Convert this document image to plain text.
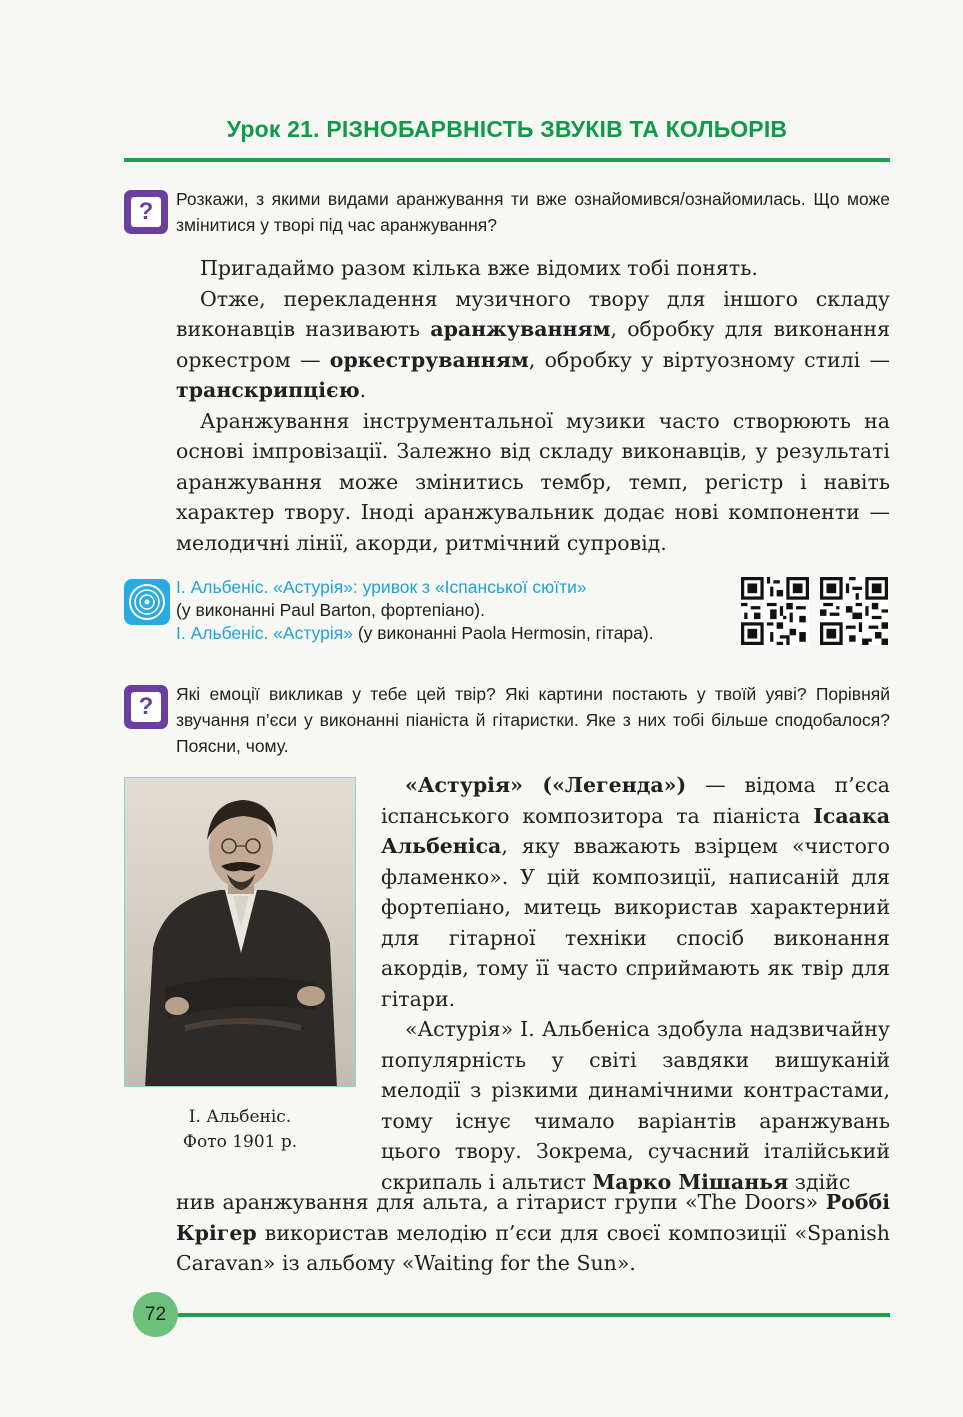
Урок 21. РІЗНОБАРВНІСТЬ ЗВУКІВ ТА КОЛЬОРІВ
?	Розкажи, з якими видами аранжування ти вже ознайомився/ознайомилась. Що може змінитися у творі під час аранжування?

Пригадаймо разом кілька вже відомих тобі понять.

Отже, перекладення музичного твору для іншого складу виконавців називають аранжуванням, обробку для виконання оркестром — оркеструванням, обробку у віртуозному стилі — транскрипцією.

Аранжування інструментальної музики часто створюють на основі імпровізації. Залежно від складу виконавців, у результаті аранжування може змінитись тембр, темп, регістр і навіть характер твору. Іноді аранжувальник додає нові компоненти — мелодичні лінії, акорди, ритмічний супровід.

І. Альбеніс. «Астурія»: уривок з «Іспанської сюїти»
(у виконанні Paul Barton, фортепіано).
І. Альбеніс. «Астурія» (у виконанні Paola Hermosin, гітара).
?	Які емоції викликав у тебе цей твір? Які картини постають у твоїй уяві? Порівняй звучання п’єси у виконанні піаніста й гітаристки. Яке з них тобі більше сподобалося? Поясни, чому.
І. Альбеніс.
Фото 1901 р.

«Астурія» («Легенда») — відома п’єса іспанського композитора та піаніста Ісаака Альбеніса, яку вважають взірцем «чистого фламенко». У цій композиції, написаній для фортепіано, митець використав характерний для гітарної техніки спосіб виконання акордів, тому її часто сприймають як твір для гітари.

«Астурія» І. Альбеніса здобула надзвичайну популярність у світі завдяки вишуканій мелодії з різкими динамічними контрастами, тому існує чимало варіантів аранжувань цього твору. Зокрема, сучасний італійський скрипаль і альтист Марко Мішанья здійс

нив аранжування для альта, а гітарист групи «The Doors» Роббі Крігер використав мелодію п’єси для своєї композиції «Spanish Caravan» із альбому «Waiting for the Sun».
72
